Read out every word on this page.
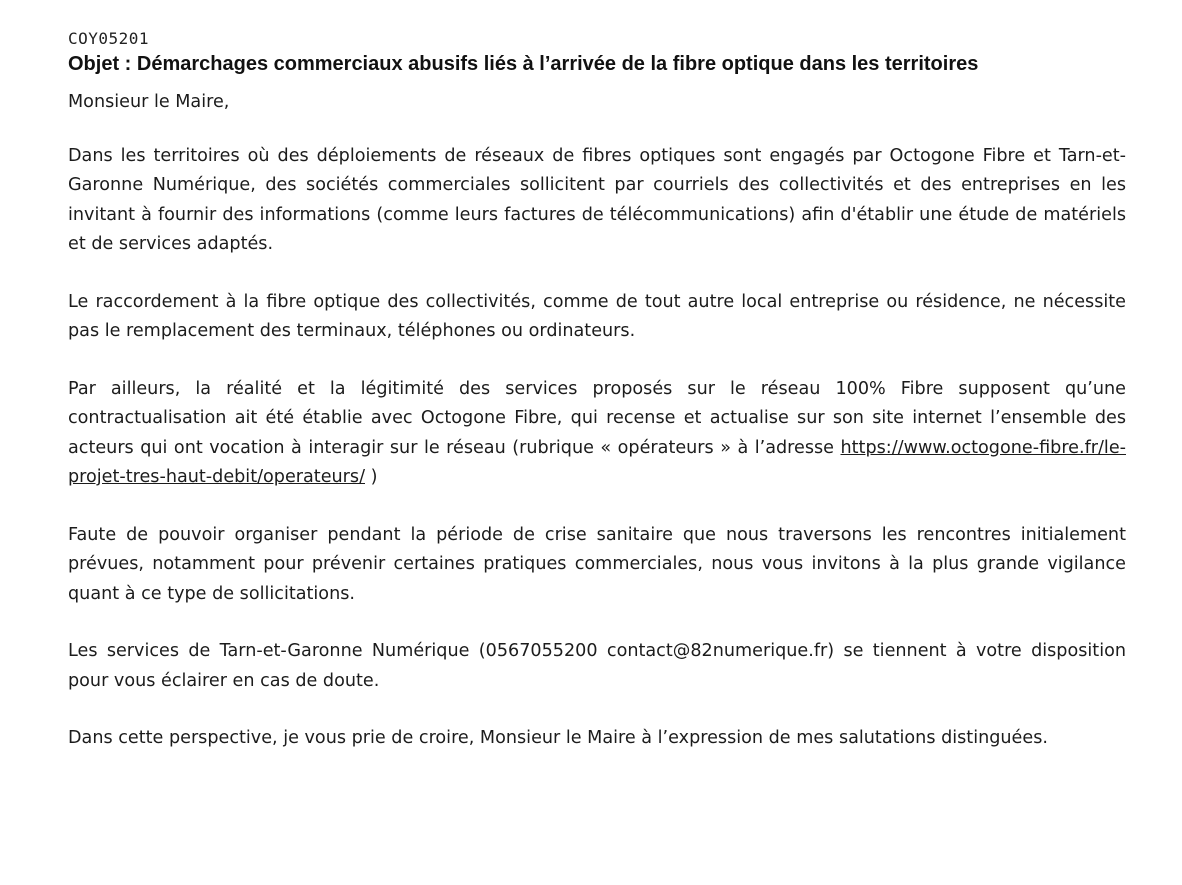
COY05201
Objet : Démarchages commerciaux abusifs liés à l’arrivée de la fibre optique dans les territoires
Monsieur le Maire,

Dans les territoires où des déploiements de réseaux de fibres optiques sont engagés par Octogone Fibre et Tarn-et-Garonne Numérique, des sociétés commerciales sollicitent par courriels des collectivités et des entreprises en les invitant à fournir des informations (comme leurs factures de télécommunications) afin d'établir une étude de matériels et de services adaptés.

Le raccordement à la fibre optique des collectivités, comme de tout autre local entreprise ou résidence, ne nécessite pas le remplacement des terminaux, téléphones ou ordinateurs.

Par ailleurs, la réalité et la légitimité des services proposés sur le réseau 100% Fibre supposent qu’une contractualisation ait été établie avec Octogone Fibre, qui recense et actualise sur son site internet l’ensemble des acteurs qui ont vocation à interagir sur le réseau (rubrique « opérateurs » à l’adresse https://www.octogone-fibre.fr/le-projet-tres-haut-debit/operateurs/ )

Faute de pouvoir organiser pendant la période de crise sanitaire que nous traversons les rencontres initialement prévues, notamment pour prévenir certaines pratiques commerciales, nous vous invitons à la plus grande vigilance quant à ce type de sollicitations.

Les services de Tarn-et-Garonne Numérique (0567055200 contact@82numerique.fr) se tiennent à votre disposition pour vous éclairer en cas de doute.

Dans cette perspective, je vous prie de croire, Monsieur le Maire à l’expression de mes salutations distinguées.
